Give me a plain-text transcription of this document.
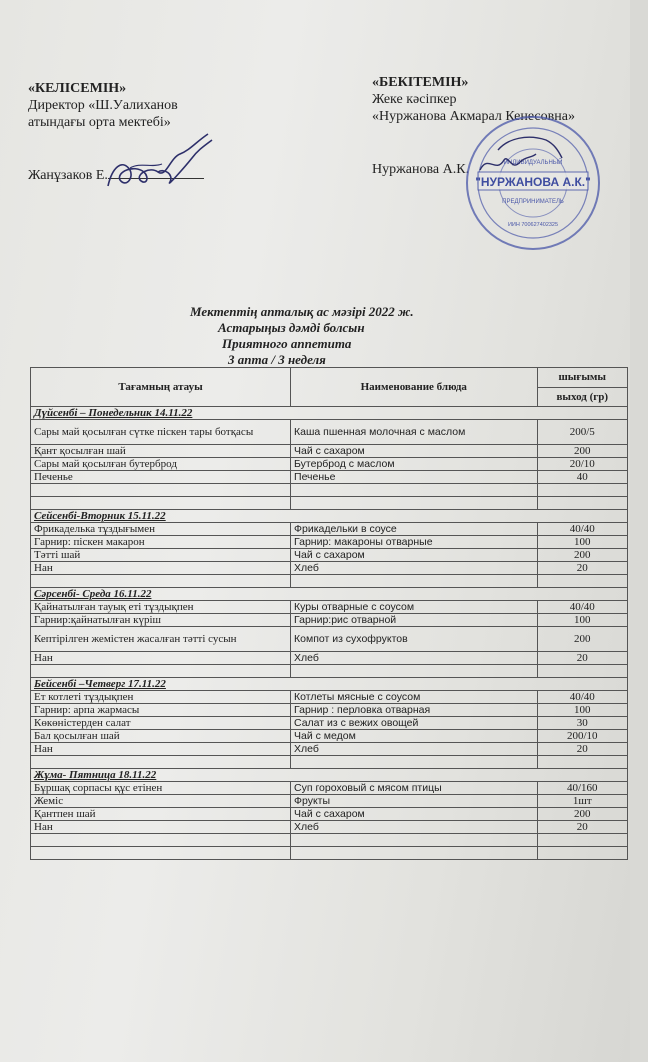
«КЕЛІСЕМІН»
Директор «Ш.Уалиханов
атындағы орта мектебі»
Жанұзаков Е.
«БЕКІТЕМІН»
Жеке кәсіпкер
«Нуржанова Акмарал Кенесовна»
Нуржанова А.К.
"НУРЖАНОВА А.К."
ИНДИВИДУАЛЬНЫЙ
ПРЕДПРИНИМАТЕЛЬ
ИИН 700627402325
Мектептің апталық ас мәзірі 2022 ж.
Астарыңыз дәмді болсын
Приятного аппетита
3 апта / 3 неделя
Тағамның атауы	Наименование блюда	шығымы
		выход (гр)
Дүйсенбі – Понедельник 14.11.22		
Сары май қосылған сүтке піскен тары ботқасы	Каша пшенная молочная с маслом	200/5
Қант қосылған шай	Чай с сахаром	200
Сары май қосылған бутерброд	Бутерброд с маслом	20/10
Печенье	Печенье	40

Сейсенбі-Вторник 15.11.22		
Фрикаделька тұздығымен	Фрикадельки в соусе	40/40
Гарнир: піскен макарон	Гарнир: макароны отварные	100
Тәтті шай	Чай с сахаром	200
Нан	Хлеб	20

Сәрсенбі- Среда 16.11.22		
Қайнатылған тауық еті тұздықпен	Куры отварные с соусом	40/40
Гарнир:қайнатылған күріш	Гарнир:рис отварной	100
Кептірілген жемістен жасалған тәтті сусын	Компот из сухофруктов	200
Нан	Хлеб	20

Бейсенбі –Четверг 17.11.22		
Ет котлеті тұздықпен	Котлеты мясные с соусом	40/40
Гарнир: арпа жармасы	Гарнир : перловка отварная	100
Көкөністерден салат	Салат из с вежих овощей	30
Бал қосылған шай	Чай с медом	200/10
Нан	Хлеб	20

Жұма- Пятница 18.11.22		
Бұршақ сорпасы құс етінен	Суп гороховый с мясом птицы	40/160
Жеміс	Фрукты	1шт
Қантпен шай	Чай с сахаром	200
Нан	Хлеб	20
